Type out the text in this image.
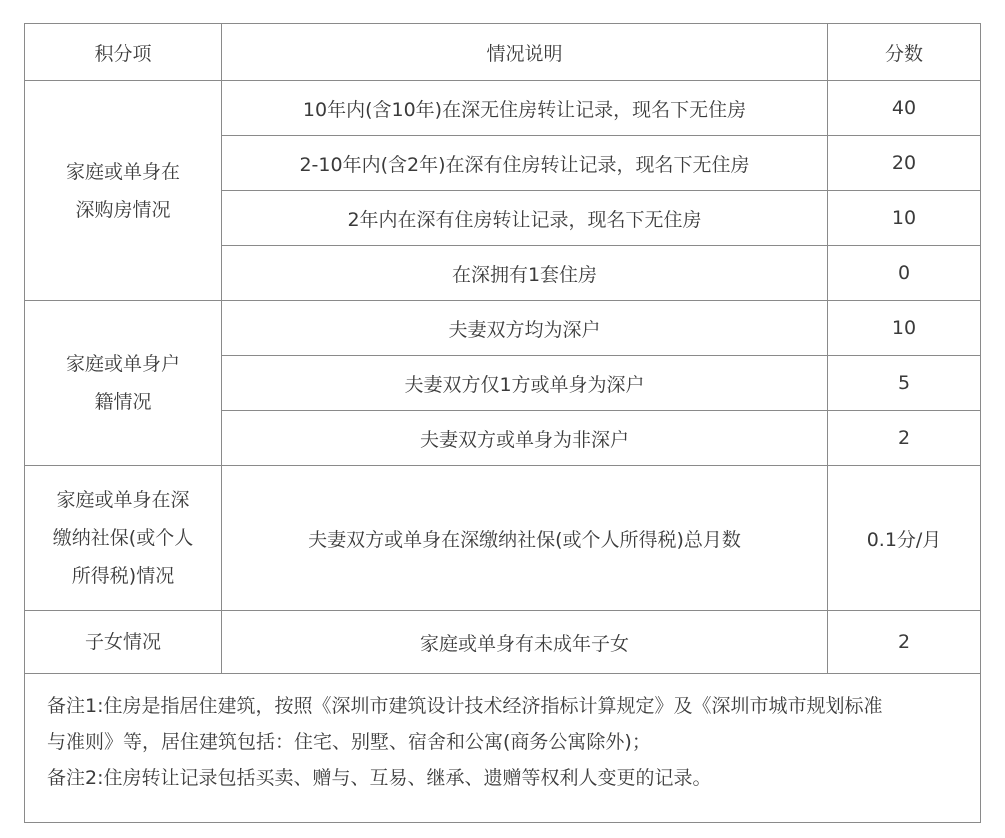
积分项	情况说明	分数

家庭或单身在
深购房情况	10年内(含10年)在深无住房转让记录，现名下无住房	40
	2-10年内(含2年)在深有住房转让记录，现名下无住房	20
	2年内在深有住房转让记录，现名下无住房	10
	在深拥有1套住房	0

家庭或单身户
籍情况	夫妻双方均为深户	10
	夫妻双方仅1方或单身为深户	5
	夫妻双方或单身为非深户	2

家庭或单身在深
缴纳社保(或个人
所得税)情况	夫妻双方或单身在深缴纳社保(或个人所得税)总月数	0.1分/月
子女情况	家庭或单身有未成年子女	2

备注1:住房是指居住建筑，按照《深圳市建筑设计技术经济指标计算规定》及《深圳市城市规划标准
与准则》等，居住建筑包括：住宅、别墅、宿舍和公寓(商务公寓除外)；
备注2:住房转让记录包括买卖、赠与、互易、继承、遗赠等权利人变更的记录。		
